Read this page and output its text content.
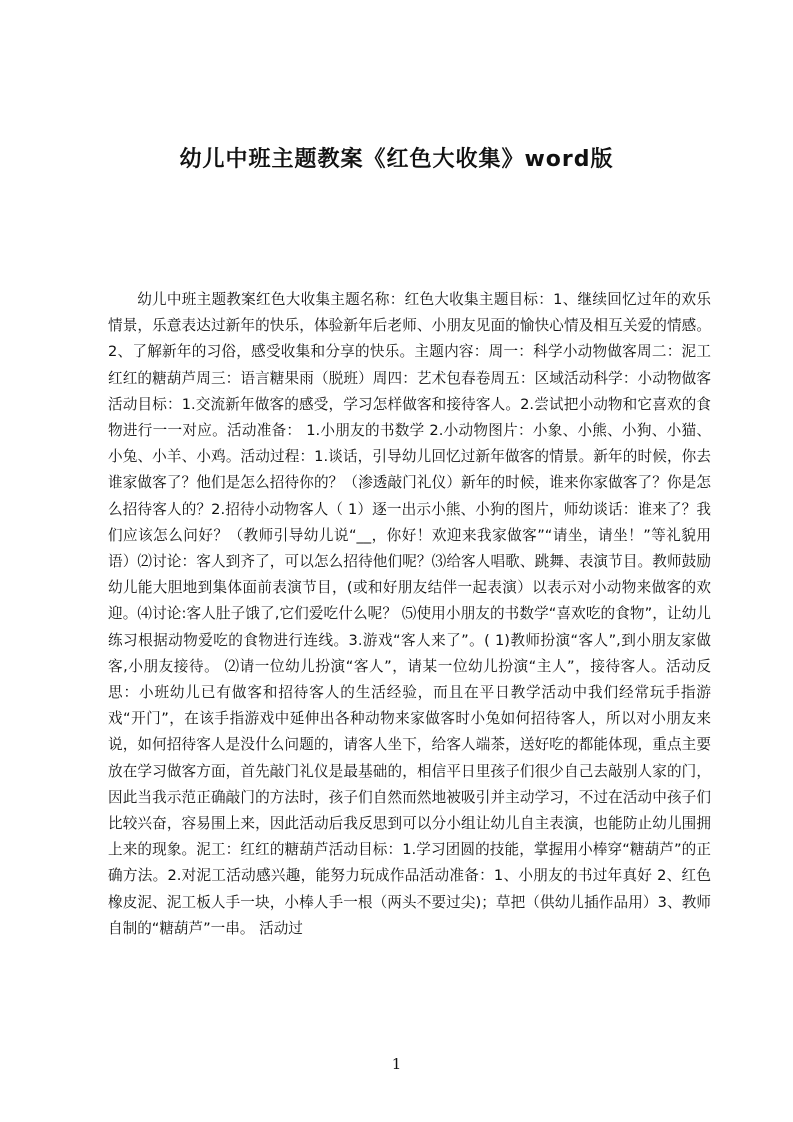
幼儿中班主题教案《红色大收集》word版
幼儿中班主题教案红色大收集主题名称：红色大收集主题目标：1、继续回忆过年的欢乐情景，乐意表达过新年的快乐，体验新年后老师、小朋友见面的愉快心情及相互关爱的情感。2、了解新年的习俗，感受收集和分享的快乐。主题内容：周一：科学小动物做客周二：泥工红红的糖葫芦周三：语言糖果雨（脱班）周四：艺术包春卷周五：区域活动科学：小动物做客活动目标：1.交流新年做客的感受，学习怎样做客和接待客人。2.尝试把小动物和它喜欢的食物进行一一对应。活动准备： 1.小朋友的书数学 2.小动物图片：小象、小熊、小狗、小猫、小兔、小羊、小鸡。活动过程：1.谈话，引导幼儿回忆过新年做客的情景。新年的时候，你去谁家做客了？他们是怎么招待你的？（渗透敲门礼仪）新年的时候，谁来你家做客了？你是怎么招待客人的？2.招待小动物客人（ 1）逐一出示小熊、小狗的图片，师幼谈话：谁来了？我们应该怎么问好？（教师引导幼儿说“__，你好！欢迎来我家做客”“请坐，请坐！”等礼貌用语）⑵讨论：客人到齐了，可以怎么招待他们呢？⑶给客人唱歌、跳舞、表演节目。教师鼓励幼儿能大胆地到集体面前表演节目，(或和好朋友结伴一起表演）以表示对小动物来做客的欢迎。⑷讨论:客人肚子饿了,它们爱吃什么呢？ ⑸使用小朋友的书数学“喜欢吃的食物”，让幼儿练习根据动物爱吃的食物进行连线。3.游戏“客人来了”。( 1)教师扮演“客人”,到小朋友家做客,小朋友接待。 ⑵请一位幼儿扮演“客人”，请某一位幼儿扮演“主人”，接待客人。活动反思：小班幼儿已有做客和招待客人的生活经验，而且在平日教学活动中我们经常玩手指游戏“开门”，在该手指游戏中延伸出各种动物来家做客时小兔如何招待客人，所以对小朋友来说，如何招待客人是没什么问题的，请客人坐下，给客人端茶，送好吃的都能体现，重点主要放在学习做客方面，首先敲门礼仪是最基础的，相信平日里孩子们很少自己去敲别人家的门，因此当我示范正确敲门的方法时，孩子们自然而然地被吸引并主动学习，不过在活动中孩子们比较兴奋，容易围上来，因此活动后我反思到可以分小组让幼儿自主表演，也能防止幼儿围拥上来的现象。泥工：红红的糖葫芦活动目标：1.学习团圆的技能，掌握用小棒穿“糖葫芦”的正确方法。2.对泥工活动感兴趣，能努力玩成作品活动准备：1、小朋友的书过年真好 2、红色橡皮泥、泥工板人手一块，小棒人手一根（两头不要过尖)；草把（供幼儿插作品用）3、教师自制的“糖葫芦”一串。 活动过
1
